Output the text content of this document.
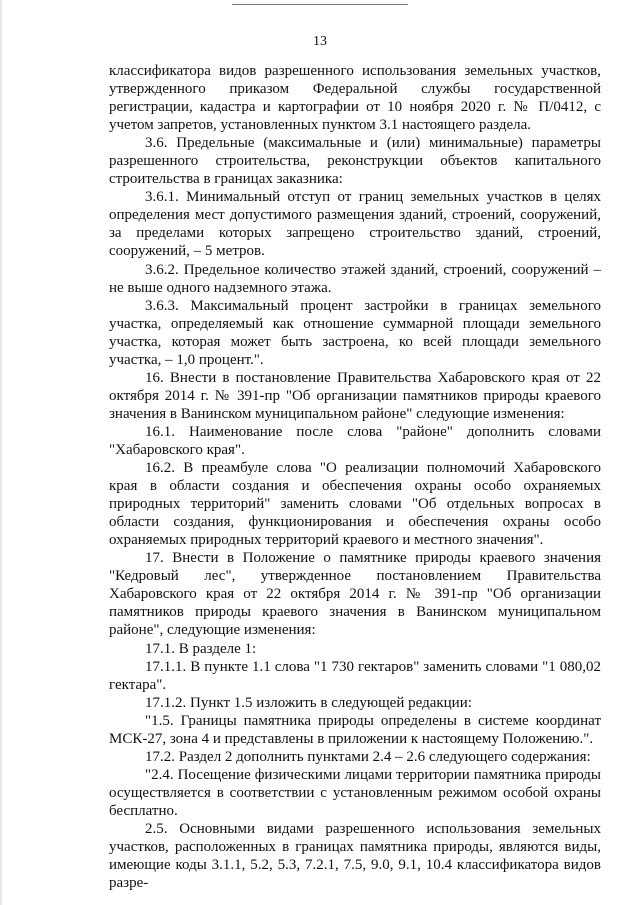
13

классификатора видов разрешенного использования земельных участков, утвержденного приказом Федеральной службы государственной регистрации, кадастра и картографии от 10 ноября 2020 г. № П/0412, с учетом запретов, установленных пунктом 3.1 настоящего раздела.

3.6. Предельные (максимальные и (или) минимальные) параметры разрешенного строительства, реконструкции объектов капитального строительства в границах заказника:

3.6.1. Минимальный отступ от границ земельных участков в целях определения мест допустимого размещения зданий, строений, сооружений, за пределами которых запрещено строительство зданий, строений, сооружений, – 5 метров.

3.6.2. Предельное количество этажей зданий, строений, сооружений – не выше одного надземного этажа.

3.6.3. Максимальный процент застройки в границах земельного участка, определяемый как отношение суммарной площади земельного участка, которая может быть застроена, ко всей площади земельного участка, – 1,0 процент.".

16. Внести в постановление Правительства Хабаровского края от 22 октября 2014 г. № 391-пр "Об организации памятников природы краевого значения в Ванинском муниципальном районе" следующие изменения:

16.1. Наименование после слова "районе" дополнить словами "Хабаровского края".

16.2. В преамбуле слова "О реализации полномочий Хабаровского края в области создания и обеспечения охраны особо охраняемых природных территорий" заменить словами "Об отдельных вопросах в области создания, функционирования и обеспечения охраны особо охраняемых природных территорий краевого и местного значения".

17. Внести в Положение о памятнике природы краевого значения "Кедровый лес", утвержденное постановлением Правительства Хабаровского края от 22 октября 2014 г. № 391-пр "Об организации памятников природы краевого значения в Ванинском муниципальном районе", следующие изменения:

17.1. В разделе 1:

17.1.1. В пункте 1.1 слова "1 730 гектаров" заменить словами "1 080,02 гектара".

17.1.2. Пункт 1.5 изложить в следующей редакции:

"1.5. Границы памятника природы определены в системе координат МСК-27, зона 4 и представлены в приложении к настоящему Положению.".

17.2. Раздел 2 дополнить пунктами 2.4 – 2.6 следующего содержания:

"2.4. Посещение физическими лицами территории памятника природы осуществляется в соответствии с установленным режимом особой охраны бесплатно.

2.5. Основными видами разрешенного использования земельных участков, расположенных в границах памятника природы, являются виды, имеющие коды 3.1.1, 5.2, 5.3, 7.2.1, 7.5, 9.0, 9.1, 10.4 классификатора видов разре-
